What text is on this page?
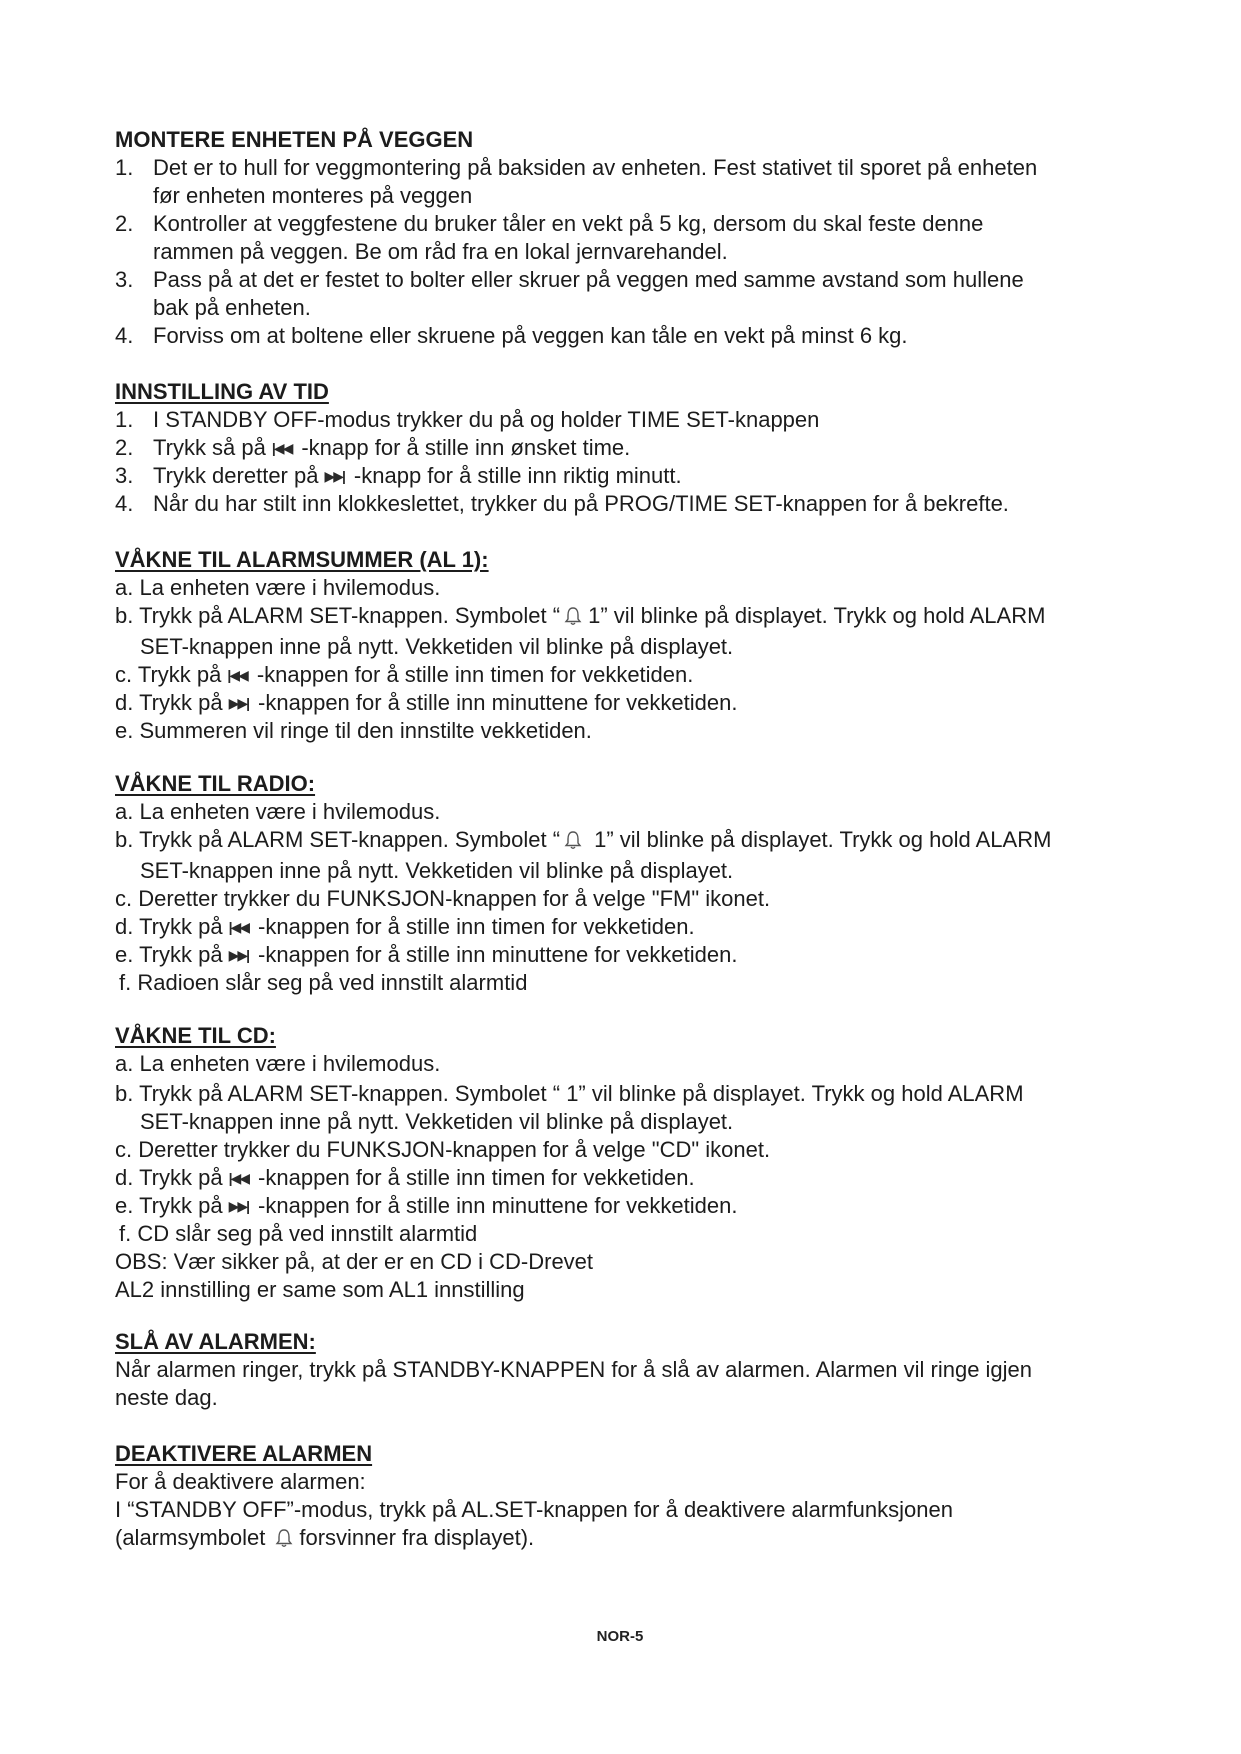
MONTERE ENHETEN PÅ VEGGEN

1. Det er to hull for veggmontering på baksiden av enheten. Fest stativet til sporet på enheten
før enheten monteres på veggen
2. Kontroller at veggfestene du bruker tåler en vekt på 5 kg, dersom du skal feste denne
rammen på veggen. Be om råd fra en lokal jernvarehandel.
3. Pass på at det er festet to bolter eller skruer på veggen med samme avstand som hullene
bak på enheten.
4. Forviss om at boltene eller skruene på veggen kan tåle en vekt på minst 6 kg.

INNSTILLING AV TID

1. I STANDBY OFF-modus trykker du på og holder TIME SET-knappen
2. Trykk så på |◀◀ -knapp for å stille inn ønsket time.
3. Trykk deretter på ▶▶| -knapp for å stille inn riktig minutt.
4. Når du har stilt inn klokkeslettet, trykker du på PROG/TIME SET-knappen for å bekrefte.

VÅKNE TIL ALARMSUMMER (AL 1):

a. La enheten være i hvilemodus.
b. Trykk på ALARM SET-knappen. Symbolet “ 1” vil blinke på displayet. Trykk og hold ALARM
SET-knappen inne på nytt. Vekketiden vil blinke på displayet.
c. Trykk på |◀◀ -knappen for å stille inn timen for vekketiden.
d. Trykk på ▶▶| -knappen for å stille inn minuttene for vekketiden.
e. Summeren vil ringe til den innstilte vekketiden.

VÅKNE TIL RADIO:

a. La enheten være i hvilemodus.
b. Trykk på ALARM SET-knappen. Symbolet “ 1” vil blinke på displayet. Trykk og hold ALARM
SET-knappen inne på nytt. Vekketiden vil blinke på displayet.
c. Deretter trykker du FUNKSJON-knappen for å velge "FM" ikonet.
d. Trykk på |◀◀ -knappen for å stille inn timen for vekketiden.
e. Trykk på ▶▶| -knappen for å stille inn minuttene for vekketiden.
f. Radioen slår seg på ved innstilt alarmtid

VÅKNE TIL CD:

a. La enheten være i hvilemodus.
b. Trykk på ALARM SET-knappen. Symbolet “ 1” vil blinke på displayet. Trykk og hold ALARM
SET-knappen inne på nytt. Vekketiden vil blinke på displayet.
c. Deretter trykker du FUNKSJON-knappen for å velge "CD" ikonet.
d. Trykk på |◀◀ -knappen for å stille inn timen for vekketiden.
e. Trykk på ▶▶| -knappen for å stille inn minuttene for vekketiden.
f. CD slår seg på ved innstilt alarmtid
OBS: Vær sikker på, at der er en CD i CD-Drevet
AL2 innstilling er same som AL1 innstilling

SLÅ AV ALARMEN:

Når alarmen ringer, trykk på STANDBY-KNAPPEN for å slå av alarmen. Alarmen vil ringe igjen
neste dag.

DEAKTIVERE ALARMEN

For å deaktivere alarmen:
I “STANDBY OFF”-modus, trykk på AL.SET-knappen for å deaktivere alarmfunksjonen
(alarmsymbolet forsvinner fra displayet).
NOR-5
